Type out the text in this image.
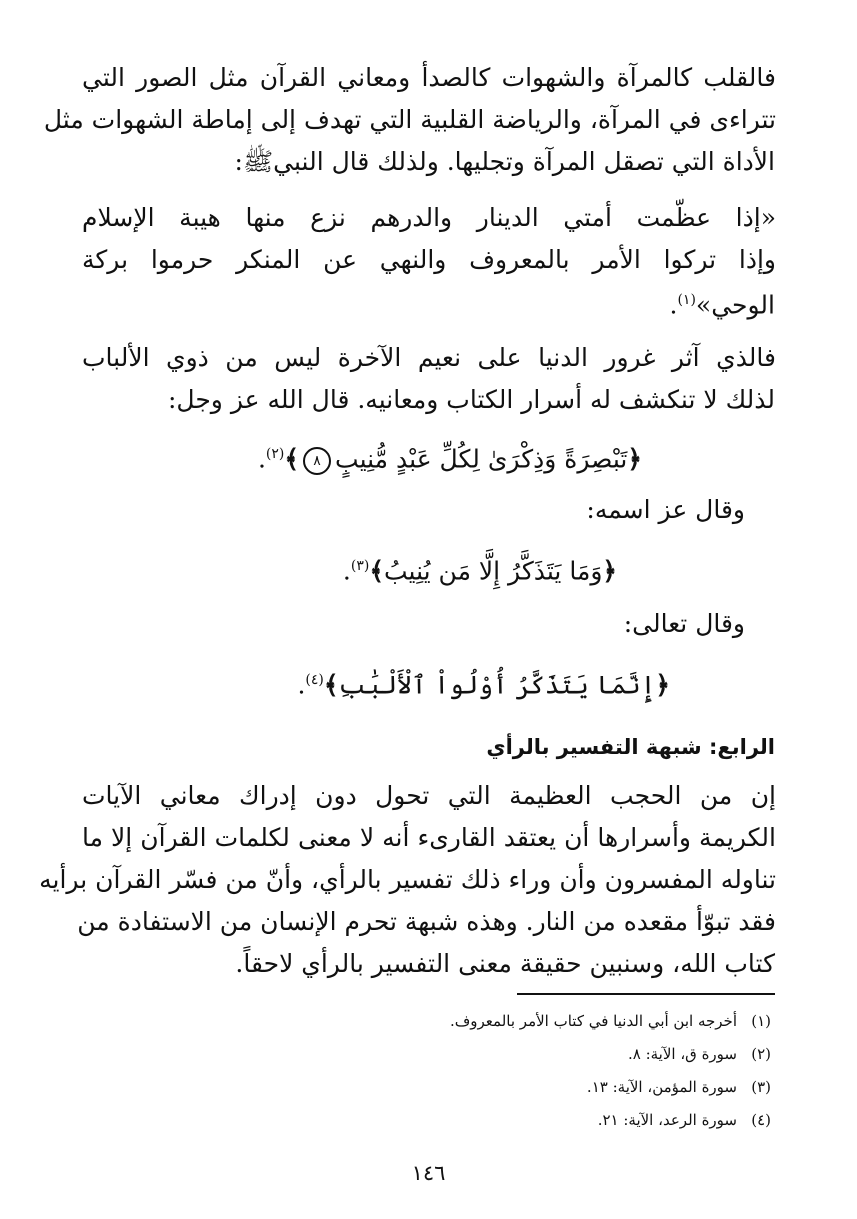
فالقلب كالمرآة والشهوات كالصدأ ومعاني القرآن مثل الصور التي
تتراءى في المرآة، والرياضة القلبية التي تهدف إلى إماطة الشهوات مثل
الأداة التي تصقل المرآة وتجليها. ولذلك قال النبيﷺ:
«إذا عظّمت أمتي الدينار والدرهم نزع منها هيبة الإسلام
وإذا تركوا الأمر بالمعروف والنهي عن المنكر حرموا بركة
الوحي»$^{(١)}$.
فالذي آثر غرور الدنيا على نعيم الآخرة ليس من ذوي الألباب
لذلك لا تنكشف له أسرار الكتاب ومعانيه. قال الله عز وجل:
﴿تَبْصِرَةً وَذِكْرَىٰ لِكُلِّ عَبْدٍ مُّنِيبٍ٨﴾$^{(٢)}$.
وقال عز اسمه:
﴿وَمَا يَتَذَكَّرُ إِلَّا مَن يُنِيبُ﴾$^{(٣)}$.
وقال تعالى:
﴿إِنَّمَا يَتَذَكَّرُ أُوْلُواْ ٱلْأَلْبَٰبِ﴾$^{(٤)}$.
الرابع: شبهة التفسير بالرأي
إن من الحجب العظيمة التي تحول دون إدراك معاني الآيات
الكريمة وأسرارها أن يعتقد القارىء أنه لا معنى لكلمات القرآن إلا ما
تناوله المفسرون وأن وراء ذلك تفسير بالرأي، وأنّ من فسّر القرآن برأيه
فقد تبوّأ مقعده من النار. وهذه شبهة تحرم الإنسان من الاستفادة من
كتاب الله، وسنبين حقيقة معنى التفسير بالرأي لاحقاً.
(١)أخرجه ابن أبي الدنيا في كتاب الأمر بالمعروف.
(٢)سورة ق، الآية: ٨.
(٣)سورة المؤمن، الآية: ١٣.
(٤)سورة الرعد، الآية: ٢١.
١٤٦
